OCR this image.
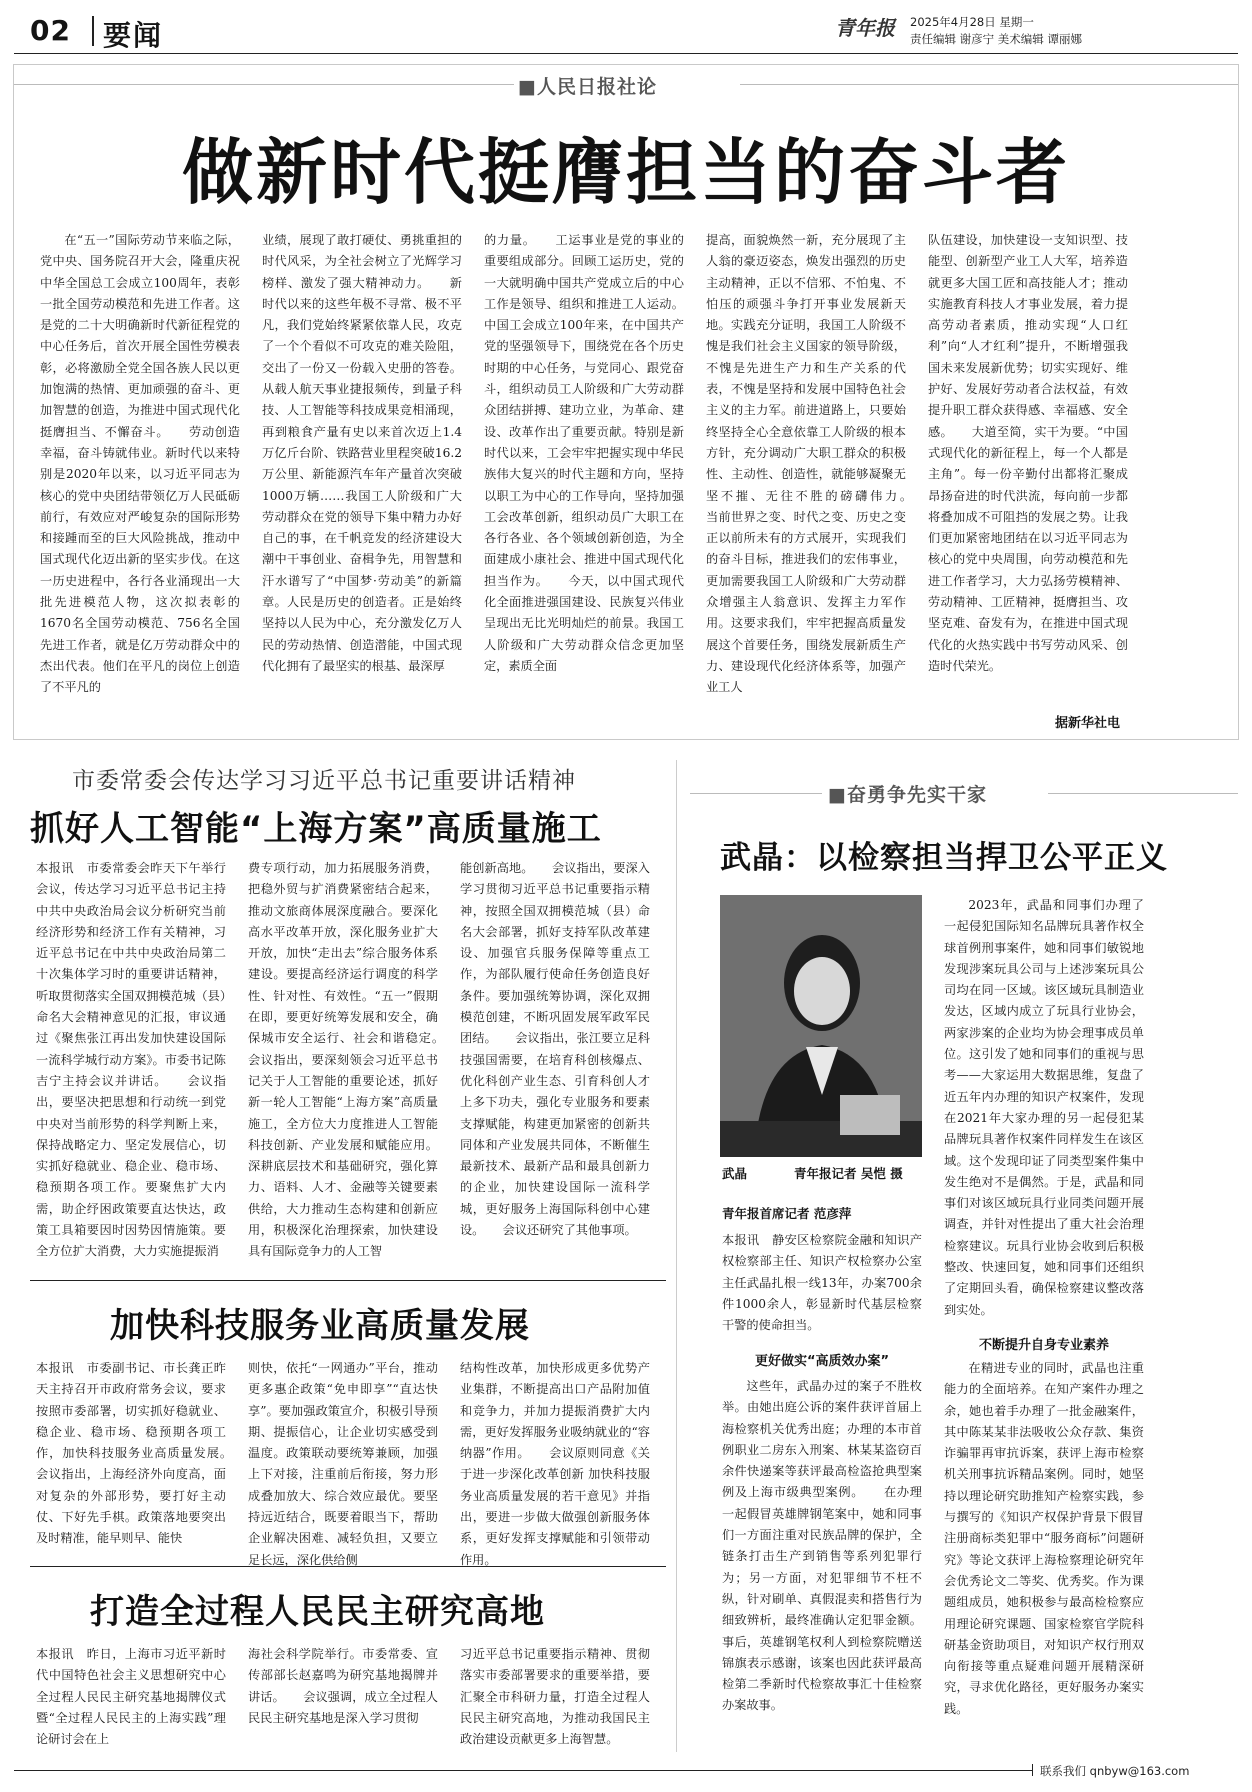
02 要闻	青年报 2025年4月28日 星期一
责任编辑 谢彦宁 美术编辑 谭丽娜
■人民日报社论
做新时代挺膺担当的奋斗者

在“五一”国际劳动节来临之际，党中央、国务院召开大会，隆重庆祝中华全国总工会成立100周年，表彰一批全国劳动模范和先进工作者。这是党的二十大明确新时代新征程党的中心任务后，首次开展全国性劳模表彰，必将激励全党全国各族人民以更加饱满的热情、更加顽强的奋斗、更加智慧的创造，为推进中国式现代化挺膺担当、不懈奋斗。　　劳动创造幸福，奋斗铸就伟业。新时代以来特别是2020年以来，以习近平同志为核心的党中央团结带领亿万人民砥砺前行，有效应对严峻复杂的国际形势和接踵而至的巨大风险挑战，推动中国式现代化迈出新的坚实步伐。在这一历史进程中，各行各业涌现出一大批先进模范人物，这次拟表彰的1670名全国劳动模范、756名全国先进工作者，就是亿万劳动群众中的杰出代表。他们在平凡的岗位上创造了不平凡的

业绩，展现了敢打硬仗、勇挑重担的时代风采，为全社会树立了光辉学习榜样、激发了强大精神动力。　　新时代以来的这些年极不寻常、极不平凡，我们党始终紧紧依靠人民，攻克了一个个看似不可攻克的难关险阻，交出了一份又一份载入史册的答卷。从载人航天事业捷报频传，到量子科技、人工智能等科技成果竞相涌现，再到粮食产量有史以来首次迈上1.4万亿斤台阶、铁路营业里程突破16.2万公里、新能源汽车年产量首次突破1000万辆……我国工人阶级和广大劳动群众在党的领导下集中精力办好自己的事，在千帆竞发的经济建设大潮中干事创业、奋楫争先，用智慧和汗水谱写了“中国梦·劳动美”的新篇章。人民是历史的创造者。正是始终坚持以人民为中心，充分激发亿万人民的劳动热情、创造潜能，中国式现代化拥有了最坚实的根基、最深厚

的力量。　　工运事业是党的事业的重要组成部分。回顾工运历史，党的一大就明确中国共产党成立后的中心工作是领导、组织和推进工人运动。中国工会成立100年来，在中国共产党的坚强领导下，围绕党在各个历史时期的中心任务，与党同心、跟党奋斗，组织动员工人阶级和广大劳动群众团结拼搏、建功立业，为革命、建设、改革作出了重要贡献。特别是新时代以来，工会牢牢把握实现中华民族伟大复兴的时代主题和方向，坚持以职工为中心的工作导向，坚持加强工会改革创新，组织动员广大职工在各行各业、各个领域创新创造，为全面建成小康社会、推进中国式现代化担当作为。　　今天，以中国式现代化全面推进强国建设、民族复兴伟业呈现出无比光明灿烂的前景。我国工人阶级和广大劳动群众信念更加坚定，素质全面

提高，面貌焕然一新，充分展现了主人翁的豪迈姿态，焕发出强烈的历史主动精神，正以不信邪、不怕鬼、不怕压的顽强斗争打开事业发展新天地。实践充分证明，我国工人阶级不愧是我们社会主义国家的领导阶级，不愧是先进生产力和生产关系的代表，不愧是坚持和发展中国特色社会主义的主力军。前进道路上，只要始终坚持全心全意依靠工人阶级的根本方针，充分调动广大职工群众的积极性、主动性、创造性，就能够凝聚无坚不摧、无往不胜的磅礴伟力。　　当前世界之变、时代之变、历史之变正以前所未有的方式展开，实现我们的奋斗目标，推进我们的宏伟事业，更加需要我国工人阶级和广大劳动群众增强主人翁意识、发挥主力军作用。这要求我们，牢牢把握高质量发展这个首要任务，围绕发展新质生产力、建设现代化经济体系等，加强产业工人

队伍建设，加快建设一支知识型、技能型、创新型产业工人大军，培养造就更多大国工匠和高技能人才；推动实施教育科技人才事业发展，着力提高劳动者素质，推动实现“人口红利”向“人才红利”提升，不断增强我国未来发展新优势；切实实现好、维护好、发展好劳动者合法权益，有效提升职工群众获得感、幸福感、安全感。　　大道至简，实干为要。“中国式现代化的新征程上，每一个人都是主角”。每一份辛勤付出都将汇聚成昂扬奋进的时代洪流，每向前一步都将叠加成不可阻挡的发展之势。让我们更加紧密地团结在以习近平同志为核心的党中央周围，向劳动模范和先进工作者学习，大力弘扬劳模精神、劳动精神、工匠精神，挺膺担当、攻坚克难、奋发有为，在推进中国式现代化的火热实践中书写劳动风采、创造时代荣光。

据新华社电
市委常委会传达学习习近平总书记重要讲话精神
抓好人工智能“上海方案”高质量施工

本报讯　市委常委会昨天下午举行会议，传达学习习近平总书记主持中共中央政治局会议分析研究当前经济形势和经济工作有关精神，习近平总书记在中共中央政治局第二十次集体学习时的重要讲话精神，听取贯彻落实全国双拥模范城（县）命名大会精神意见的汇报，审议通过《聚焦张江再出发加快建设国际一流科学城行动方案》。市委书记陈吉宁主持会议并讲话。　　会议指出，要坚决把思想和行动统一到党中央对当前形势的科学判断上来，保持战略定力、坚定发展信心，切实抓好稳就业、稳企业、稳市场、稳预期各项工作。要聚焦扩大内需，助企纾困政策要直达快达，政策工具箱要因时因势因情施策。要全方位扩大消费，大力实施提振消

费专项行动，加力拓展服务消费，把稳外贸与扩消费紧密结合起来，推动文旅商体展深度融合。要深化高水平改革开放，深化服务业扩大开放，加快“走出去”综合服务体系建设。要提高经济运行调度的科学性、针对性、有效性。“五一”假期在即，要更好统筹发展和安全，确保城市安全运行、社会和谐稳定。　　会议指出，要深刻领会习近平总书记关于人工智能的重要论述，抓好新一轮人工智能“上海方案”高质量施工，全方位大力度推进人工智能科技创新、产业发展和赋能应用。深耕底层技术和基础研究，强化算力、语料、人才、金融等关键要素供给，大力推动生态构建和创新应用，积极深化治理探索，加快建设具有国际竞争力的人工智

能创新高地。　　会议指出，要深入学习贯彻习近平总书记重要指示精神，按照全国双拥模范城（县）命名大会部署，抓好支持军队改革建设、加强官兵服务保障等重点工作，为部队履行使命任务创造良好条件。要加强统筹协调，深化双拥模范创建，不断巩固发展军政军民团结。　　会议指出，张江要立足科技强国需要，在培育科创核爆点、优化科创产业生态、引育科创人才上多下功夫，强化专业服务和要素支撑赋能，构建更加紧密的创新共同体和产业发展共同体，不断催生最新技术、最新产品和最具创新力的企业，加快建设国际一流科学城，更好服务上海国际科创中心建设。　　会议还研究了其他事项。

加快科技服务业高质量发展

本报讯　市委副书记、市长龚正昨天主持召开市政府常务会议，要求按照市委部署，切实抓好稳就业、稳企业、稳市场、稳预期各项工作，加快科技服务业高质量发展。　　会议指出，上海经济外向度高，面对复杂的外部形势，要打好主动仗、下好先手棋。政策落地要突出及时精准，能早则早、能快

则快，依托“一网通办”平台，推动更多惠企政策“免申即享”“直达快享”。要加强政策宣介，积极引导预期、提振信心，让企业切实感受到温度。政策联动要统筹兼顾，加强上下对接，注重前后衔接，努力形成叠加放大、综合效应最优。要坚持远近结合，既要着眼当下，帮助企业解决困难、减轻负担，又要立足长远，深化供给侧

结构性改革，加快形成更多优势产业集群，不断提高出口产品附加值和竞争力，并加力提振消费扩大内需，更好发挥服务业吸纳就业的“容纳器”作用。　　会议原则同意《关于进一步深化改革创新 加快科技服务业高质量发展的若干意见》并指出，要进一步做大做强创新服务体系，更好发挥支撑赋能和引领带动作用。

打造全过程人民民主研究高地

本报讯　昨日，上海市习近平新时代中国特色社会主义思想研究中心全过程人民民主研究基地揭牌仪式暨“全过程人民民主的上海实践”理论研讨会在上

海社会科学院举行。市委常委、宣传部部长赵嘉鸣为研究基地揭牌并讲话。　　会议强调，成立全过程人民民主研究基地是深入学习贯彻

习近平总书记重要指示精神、贯彻落实市委部署要求的重要举措，要汇聚全市科研力量，打造全过程人民民主研究高地，为推动我国民主政治建设贡献更多上海智慧。

■奋勇争先实干家
武晶：以检察担当捍卫公平正义
武晶	青年报记者 吴恺 摄
青年报首席记者 范彦萍

本报讯　静安区检察院金融和知识产权检察部主任、知识产权检察办公室主任武晶扎根一线13年，办案700余件1000余人，彰显新时代基层检察干警的使命担当。

更好做实“高质效办案”

这些年，武晶办过的案子不胜枚举。由她出庭公诉的案件获评首届上海检察机关优秀出庭；办理的本市首例职业二房东入刑案、林某某盗窃百余件快递案等获评最高检盗抢典型案例及上海市级典型案例。　　在办理一起假冒英雄牌钢笔案中，她和同事们一方面注重对民族品牌的保护，全链条打击生产到销售等系列犯罪行为；另一方面，对犯罪细节不枉不纵，针对刷单、真假混卖和搭售行为细致辨析，最终准确认定犯罪金额。事后，英雄钢笔权利人到检察院赠送锦旗表示感谢，该案也因此获评最高检第二季新时代检察故事汇十佳检察办案故事。

2023年，武晶和同事们办理了一起侵犯国际知名品牌玩具著作权全球首例刑事案件，她和同事们敏锐地发现涉案玩具公司与上述涉案玩具公司均在同一区域。该区域玩具制造业发达，区域内成立了玩具行业协会，两家涉案的企业均为协会理事成员单位。这引发了她和同事们的重视与思考——大家运用大数据思维，复盘了近五年内办理的知识产权案件，发现在2021年大家办理的另一起侵犯某品牌玩具著作权案件同样发生在该区域。这个发现印证了同类型案件集中发生绝对不是偶然。于是，武晶和同事们对该区域玩具行业同类问题开展调查，并针对性提出了重大社会治理检察建议。玩具行业协会收到后积极整改、快速回复，她和同事们还组织了定期回头看，确保检察建议整改落到实处。

不断提升自身专业素养

在精进专业的同时，武晶也注重能力的全面培养。在知产案件办理之余，她也着手办理了一批金融案件，其中陈某某非法吸收公众存款、集资诈骗罪再审抗诉案，获评上海市检察机关刑事抗诉精品案例。同时，她坚持以理论研究助推知产检察实践，参与撰写的《知识产权保护背景下假冒注册商标类犯罪中“服务商标”问题研究》等论文获评上海检察理论研究年会优秀论文二等奖、优秀奖。作为课题组成员，她积极参与最高检检察应用理论研究课题、国家检察官学院科研基金资助项目，对知识产权行刑双向衔接等重点疑难问题开展精深研究，寻求优化路径，更好服务办案实践。

联系我们 qnbyw@163.com
